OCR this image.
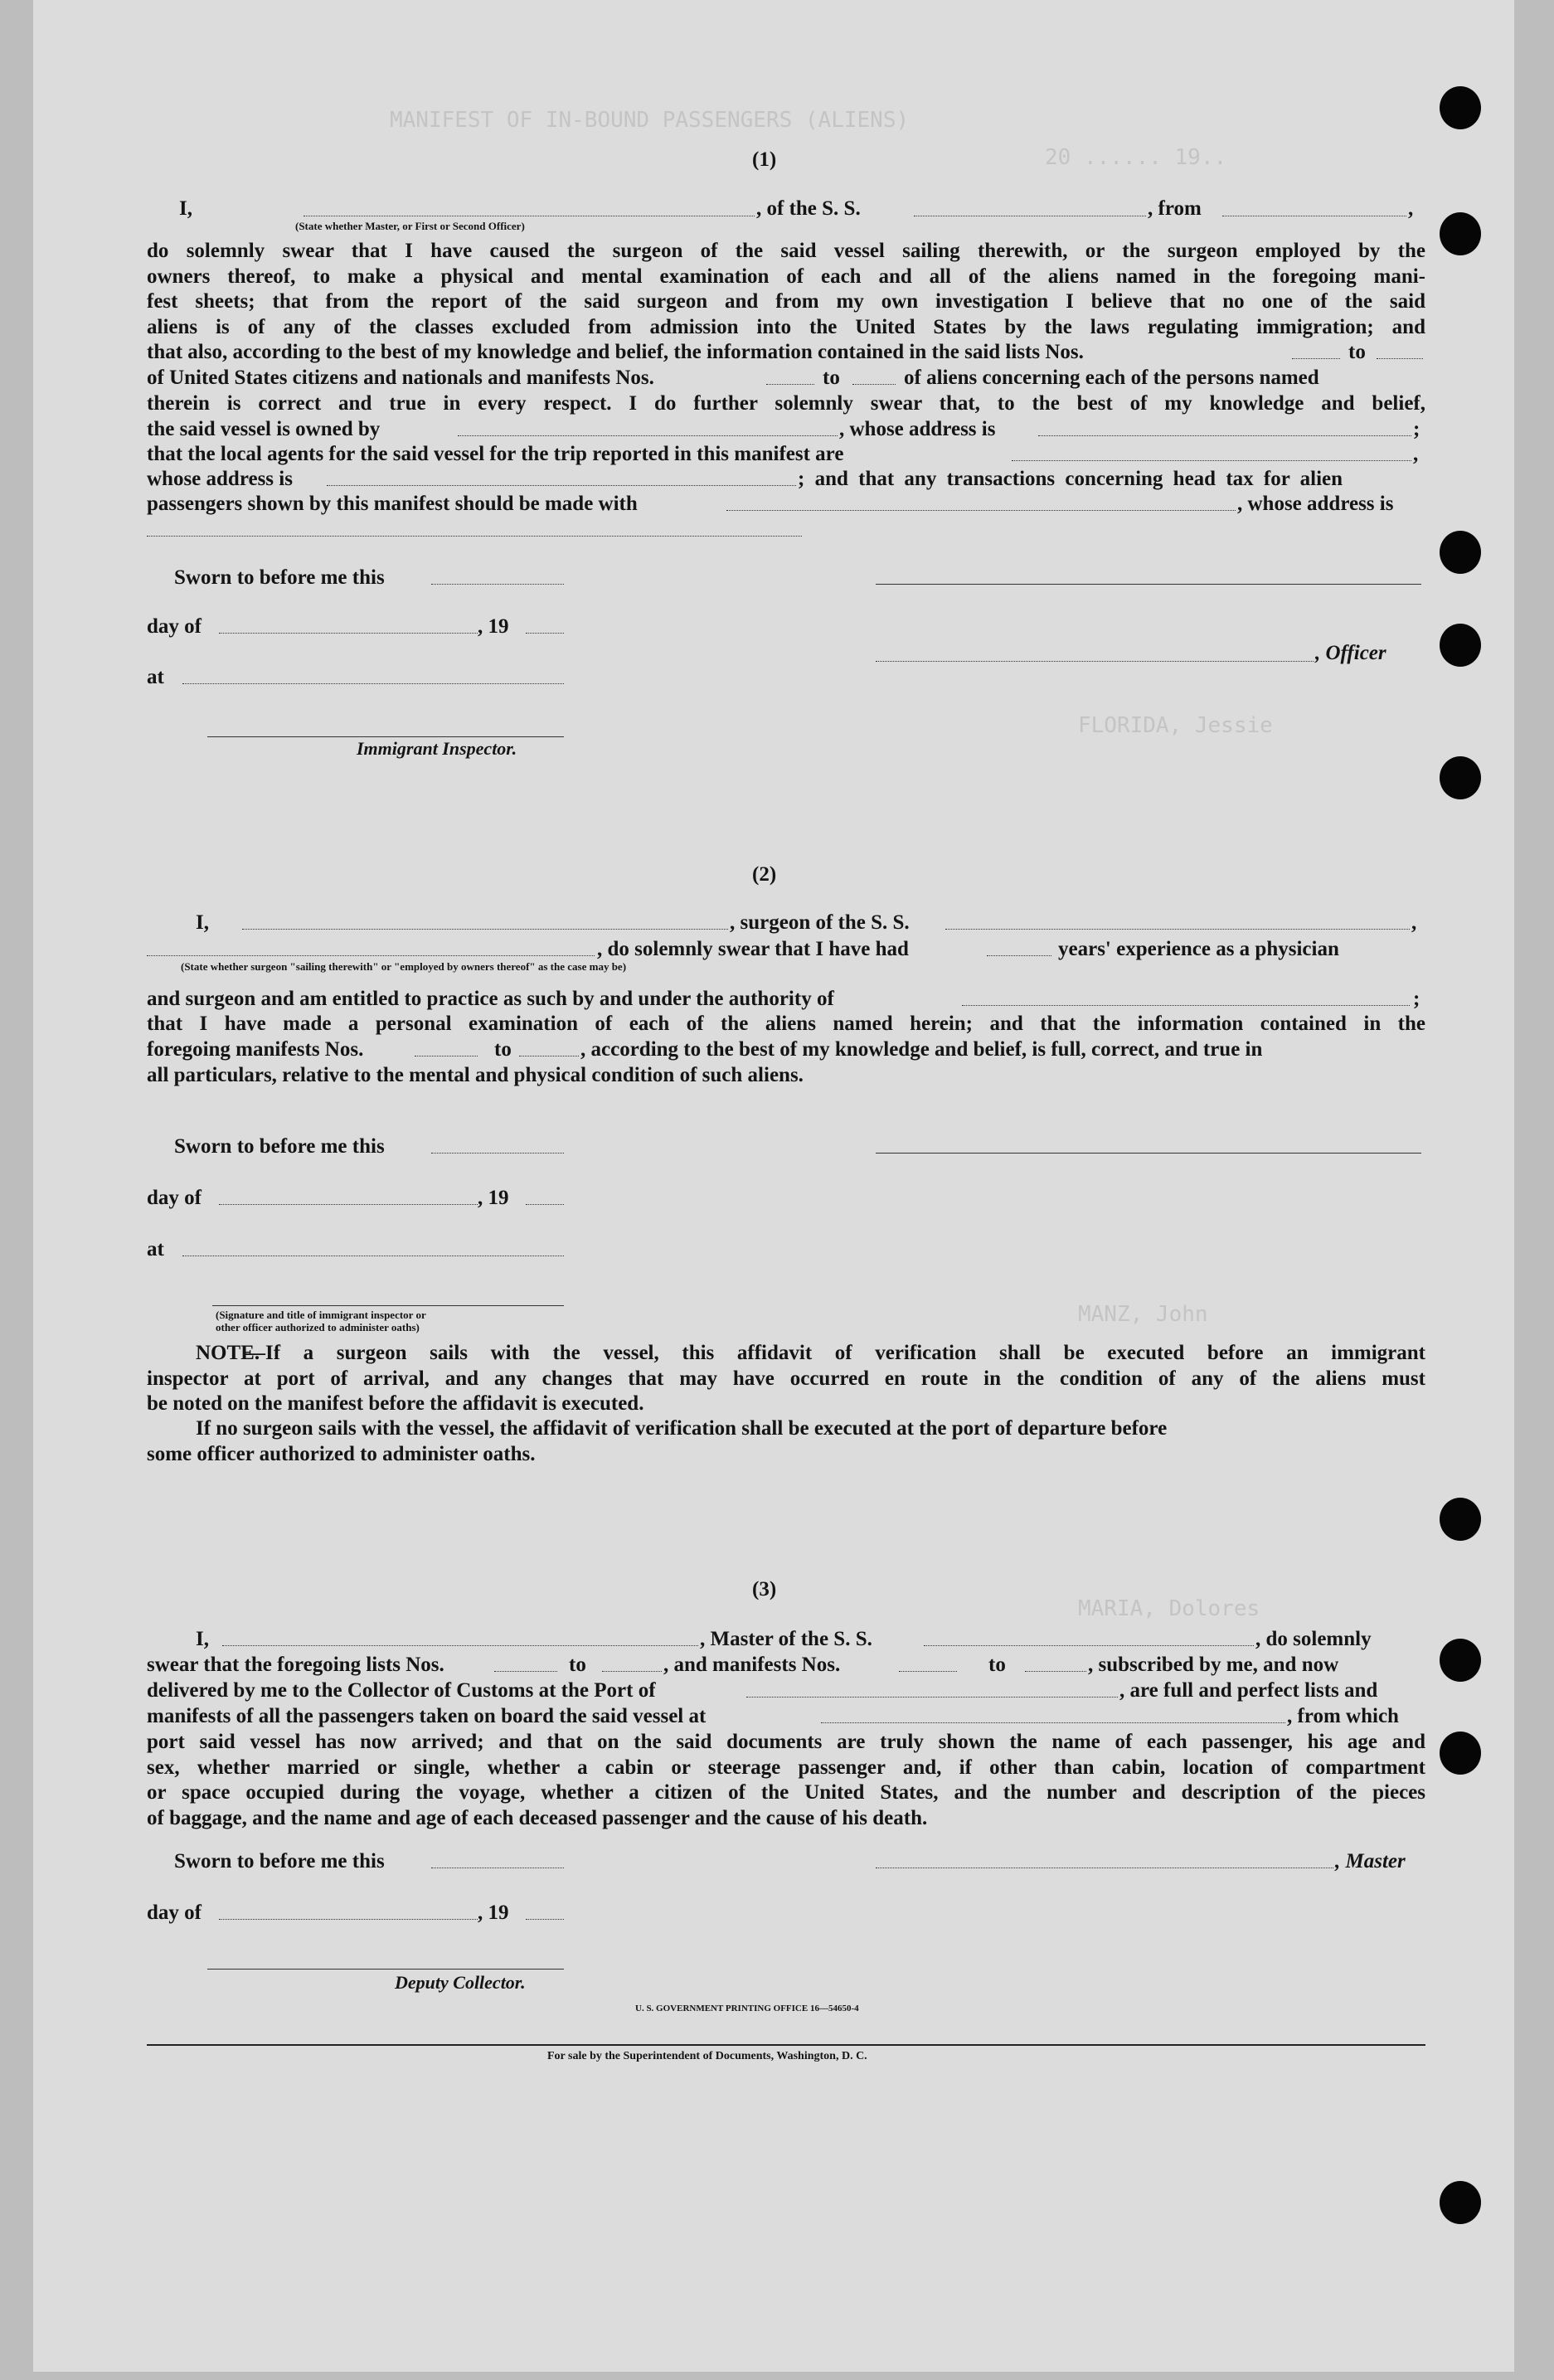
MANIFEST OF IN-BOUND PASSENGERS (ALIENS)
20 ...... 19..
FLORIDA, Jessie
MANZ, John
MARIA, Dolores
(1)
I,
(State whether Master, or First or Second Officer)
, of the S. S.	, from	,
do solemnly swear that I have caused the surgeon of the said vessel sailing therewith, or the surgeon employed by the
owners thereof, to make a physical and mental examination of each and all of the aliens named in the foregoing mani-
fest sheets; that from the report of the said surgeon and from my own investigation I believe that no one of the said
aliens is of any of the classes excluded from admission into the United States by the laws regulating immigration; and
that also, according to the best of my knowledge and belief, the information contained in the said lists Nos.	to
of United States citizens and nationals and manifests Nos.	to	of aliens concerning each of the persons named
therein is correct and true in every respect. I do further solemnly swear that, to the best of my knowledge and belief,
the said vessel is owned by	, whose address is	;
that the local agents for the said vessel for the trip reported in this manifest are	,
whose address is	; and that any transactions concerning head tax for alien
passengers shown by this manifest should be made with	, whose address is
Sworn to before me this
day of	, 19
, Officer
at
Immigrant Inspector.
(2)
I,	, surgeon of the S. S.	,
, do solemnly swear that I have had	years' experience as a physician
(State whether surgeon "sailing therewith" or "employed by owners thereof" as the case may be)
and surgeon and am entitled to practice as such by and under the authority of	;
that I have made a personal examination of each of the aliens named herein; and that the information contained in the
foregoing manifests Nos.	to	, according to the best of my knowledge and belief, is full, correct, and true in
all particulars, relative to the mental and physical condition of such aliens.
Sworn to before me this
day of	, 19
at
(Signature and title of immigrant inspector or
other officer authorized to administer oaths)
NOTE.
—If a surgeon sails with the vessel, this affidavit of verification shall be executed before an immigrant
inspector at port of arrival, and any changes that may have occurred en route in the condition of any of the aliens must
be noted on the manifest before the affidavit is executed.
If no surgeon sails with the vessel, the affidavit of verification shall be executed at the port of departure before
some officer authorized to administer oaths.
(3)
I,	, Master of the S. S.	, do solemnly
swear that the foregoing lists Nos.	to	, and manifests Nos.	to	, subscribed by me, and now
delivered by me to the Collector of Customs at the Port of	, are full and perfect lists and
manifests of all the passengers taken on board the said vessel at	, from which
port said vessel has now arrived; and that on the said documents are truly shown the name of each passenger, his age and
sex, whether married or single, whether a cabin or steerage passenger and, if other than cabin, location of compartment
or space occupied during the voyage, whether a citizen of the United States, and the number and description of the pieces
of baggage, and the name and age of each deceased passenger and the cause of his death.
Sworn to before me this	, Master
day of	, 19
Deputy Collector.
U. S. GOVERNMENT PRINTING OFFICE 16—54650-4
For sale by the Superintendent of Documents, Washington, D. C.
